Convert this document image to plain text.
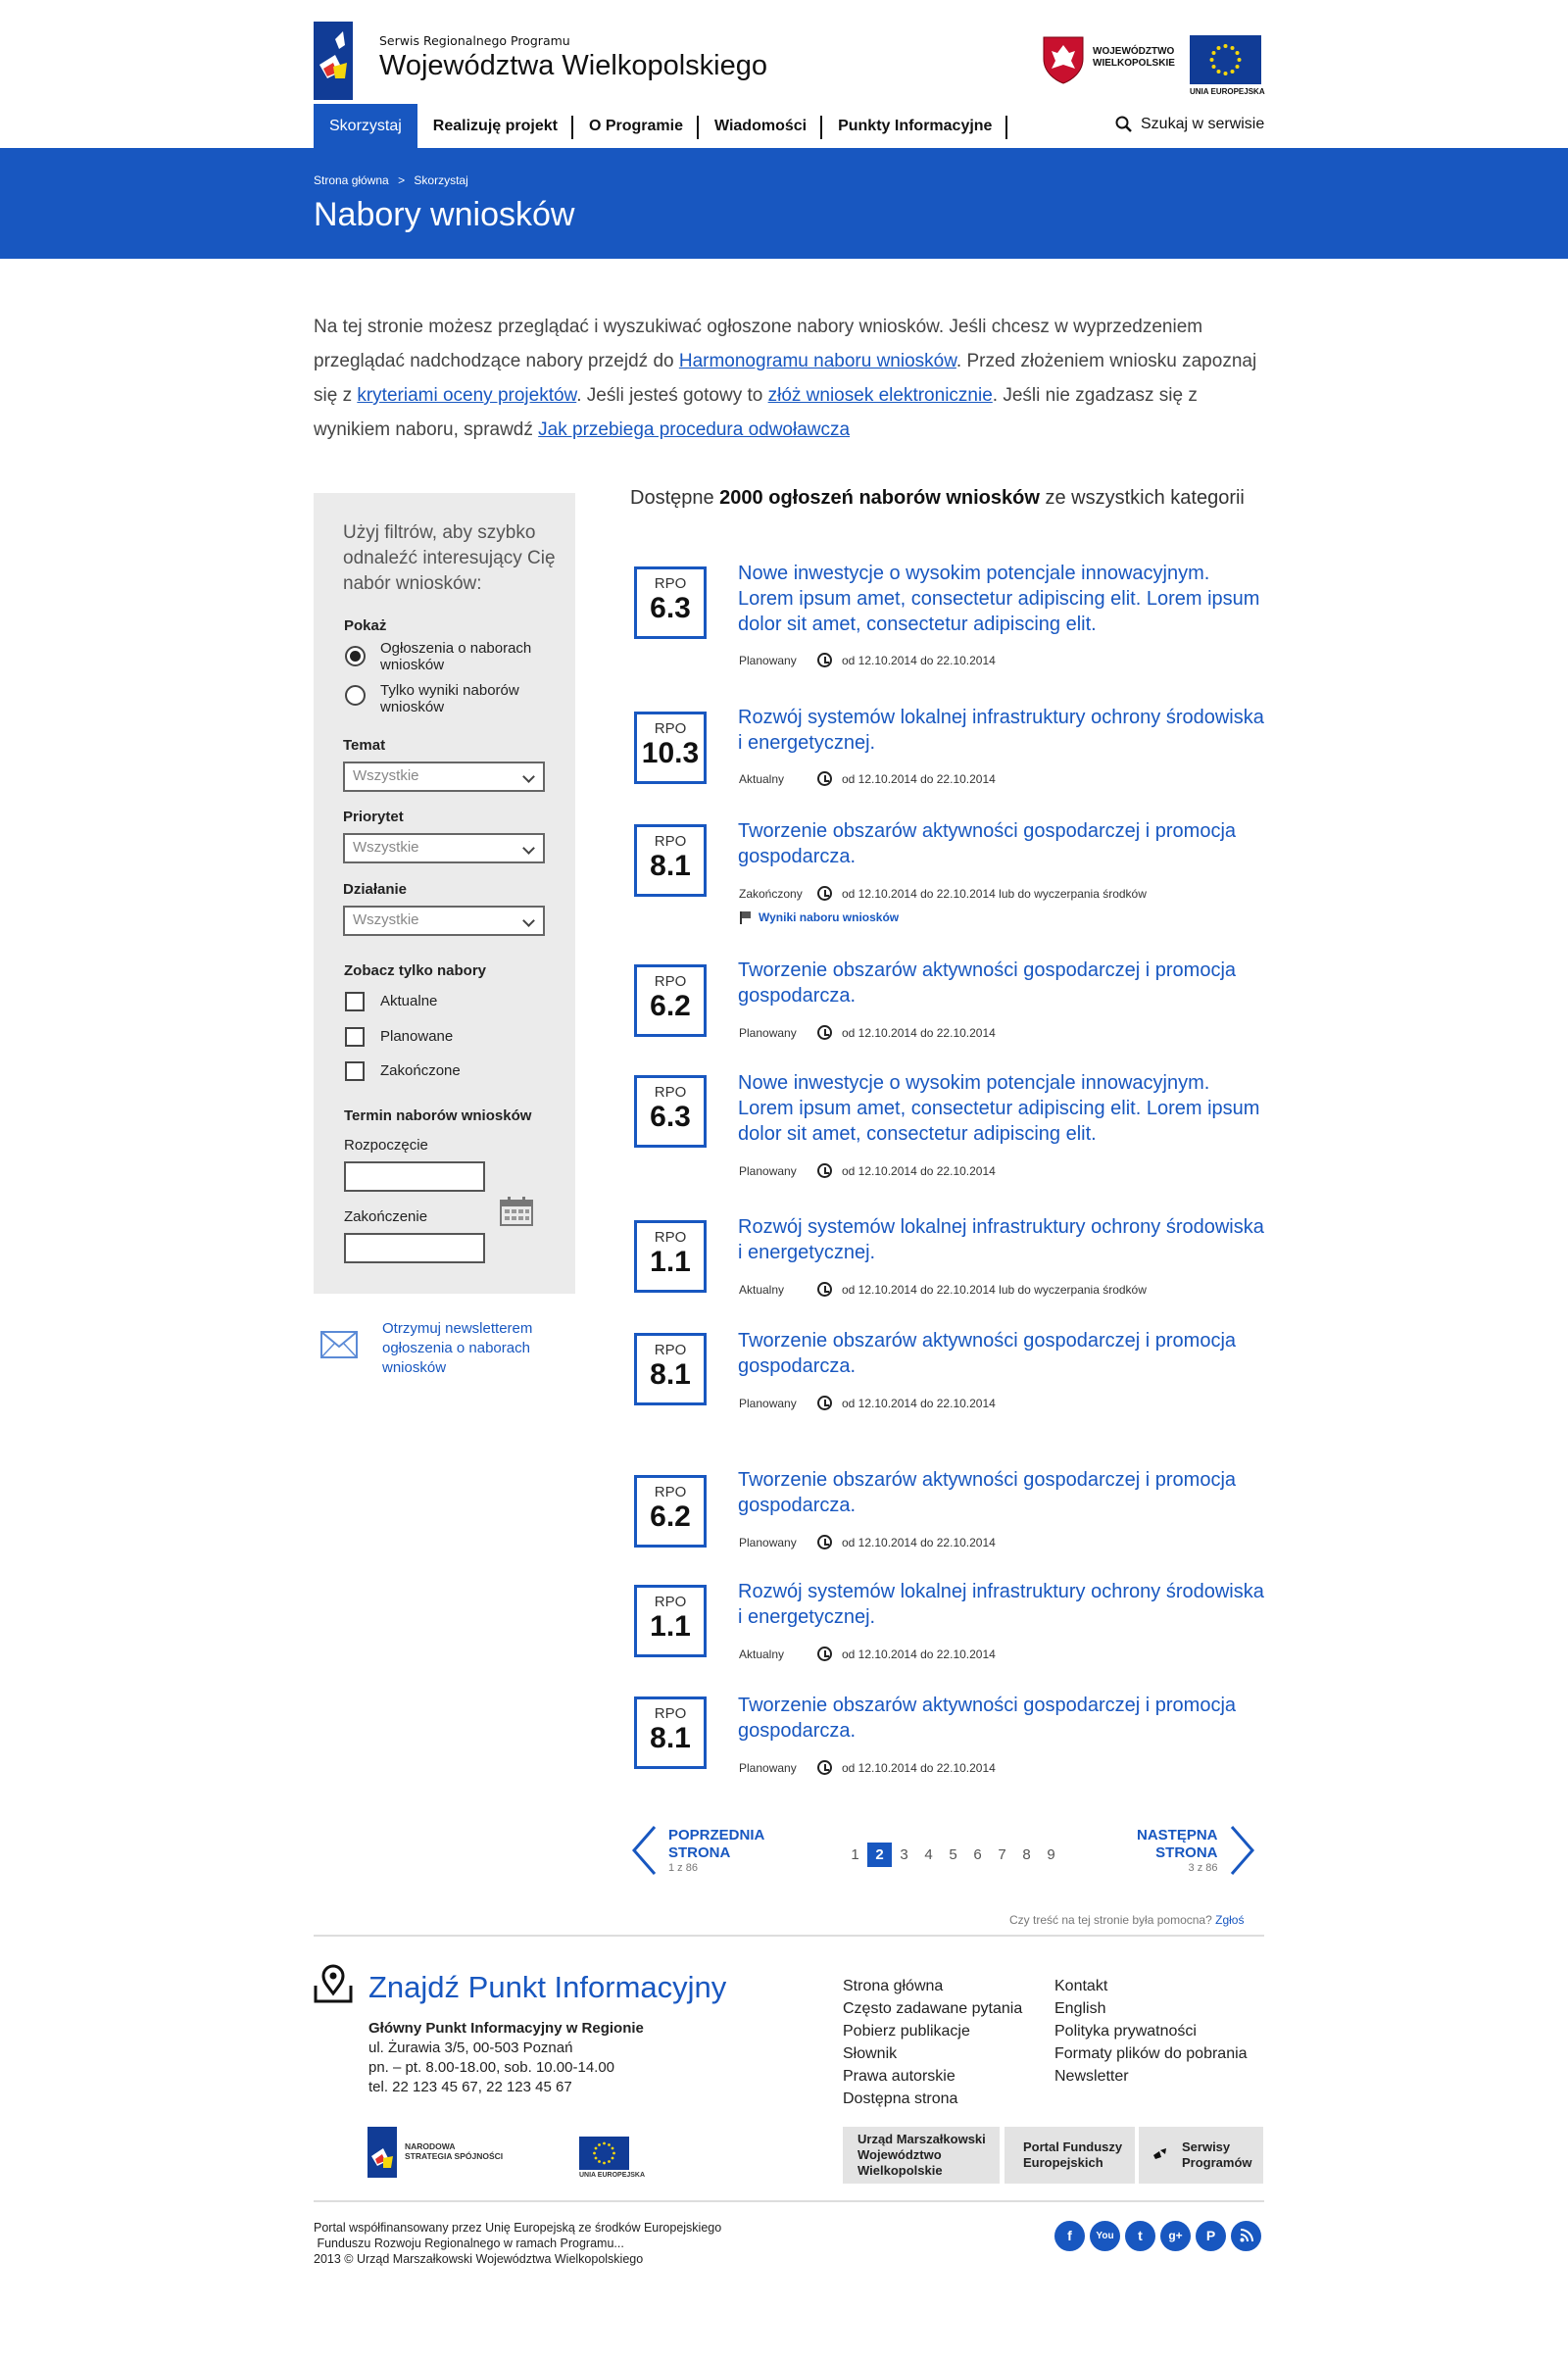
Serwis Regionalnego Programu
Województwa Wielkopolskiego	WOJEWÓDZTWO
WIELKOPOLSKIE
UNIA EUROPEJSKA
Skorzystaj	Realizuję projekt	O Programie	Wiadomości	Punkty Informacyjne	Szukaj w serwisie
Strona główna > Skorzystaj
Nabory wniosków

Na tej stronie możesz przeglądać i wyszukiwać ogłoszone nabory wniosków. Jeśli chcesz w wyprzedzeniem przeglądać nadchodzące nabory przejdź do Harmonogramu naboru wniosków. Przed złożeniem wniosku zapoznaj się z kryteriami oceny projektów. Jeśli jesteś gotowy to złóż wniosek elektronicznie. Jeśli nie zgadzasz się z wynikiem naboru, sprawdź Jak przebiega procedura odwoławcza

Użyj filtrów, aby szybko odnaleźć interesujący Cię nabór wniosków:
Pokaż
Ogłoszenia o naborach wniosków
Tylko wyniki naborów wniosków
Temat
Wszystkie
Priorytet
Wszystkie
Działanie
Wszystkie
Zobacz tylko nabory
Aktualne
Planowane
Zakończone
Termin naborów wniosków
Rozpoczęcie
Zakończenie
Otrzymuj newsletterem ogłoszenia o naborach wniosków
Dostępne 2000 ogłoszeń naborów wniosków ze wszystkich kategorii
RPO
6.3
Nowe inwestycje o wysokim potencjale innowacyjnym. Lorem ipsum amet, consectetur adipiscing elit. Lorem ipsum dolor sit amet, consectetur adipiscing elit.
Planowany	od 12.10.2014 do 22.10.2014
RPO
10.3
Rozwój systemów lokalnej infrastruktury ochrony środowiska i energetycznej.
Aktualny	od 12.10.2014 do 22.10.2014
RPO
8.1
Tworzenie obszarów aktywności gospodarczej i promocja gospodarcza.
Zakończony	od 12.10.2014 do 22.10.2014 lub do wyczerpania środków
Wyniki naboru wniosków
RPO
6.2
Tworzenie obszarów aktywności gospodarczej i promocja gospodarcza.
Planowany	od 12.10.2014 do 22.10.2014
RPO
6.3
Nowe inwestycje o wysokim potencjale innowacyjnym. Lorem ipsum amet, consectetur adipiscing elit. Lorem ipsum dolor sit amet, consectetur adipiscing elit.
Planowany	od 12.10.2014 do 22.10.2014
RPO
1.1
Rozwój systemów lokalnej infrastruktury ochrony środowiska i energetycznej.
Aktualny	od 12.10.2014 do 22.10.2014 lub do wyczerpania środków
RPO
8.1
Tworzenie obszarów aktywności gospodarczej i promocja gospodarcza.
Planowany	od 12.10.2014 do 22.10.2014
RPO
6.2
Tworzenie obszarów aktywności gospodarczej i promocja gospodarcza.
Planowany	od 12.10.2014 do 22.10.2014
RPO
1.1
Rozwój systemów lokalnej infrastruktury ochrony środowiska i energetycznej.
Aktualny	od 12.10.2014 do 22.10.2014
RPO
8.1
Tworzenie obszarów aktywności gospodarczej i promocja gospodarcza.
Planowany	od 12.10.2014 do 22.10.2014
POPRZEDNIA
STRONA
1 z 86
1	2	3	4	5	6	7	8	9
NASTĘPNA
STRONA
3 z 86
Czy treść na tej stronie była pomocna? Zgłoś
Znajdź Punkt Informacyjny
Główny Punkt Informacyjny w Regionie
ul. Żurawia 3/5, 00-503 Poznań
pn. – pt. 8.00-18.00, sob. 10.00-14.00
tel. 22 123 45 67, 22 123 45 67
NARODOWA
STRATEGIA SPÓJNOŚCI
UNIA EUROPEJSKA
Strona główna
Często zadawane pytania
Pobierz publikacje
Słownik
Prawa autorskie
Dostępna strona
Kontakt
English
Polityka prywatności
Formaty plików do pobrania
Newsletter
Urząd Marszałkowski
Województwo
Wielkopolskie
Portal Funduszy
Europejskich
Serwisy
Programów
Portal współfinansowany przez Unię Europejską ze środków Europejskiego
Funduszu Rozwoju Regionalnego w ramach Programu...
2013 © Urząd Marszałkowski Województwa Wielkopolskiego
f	You	t	g+	P
